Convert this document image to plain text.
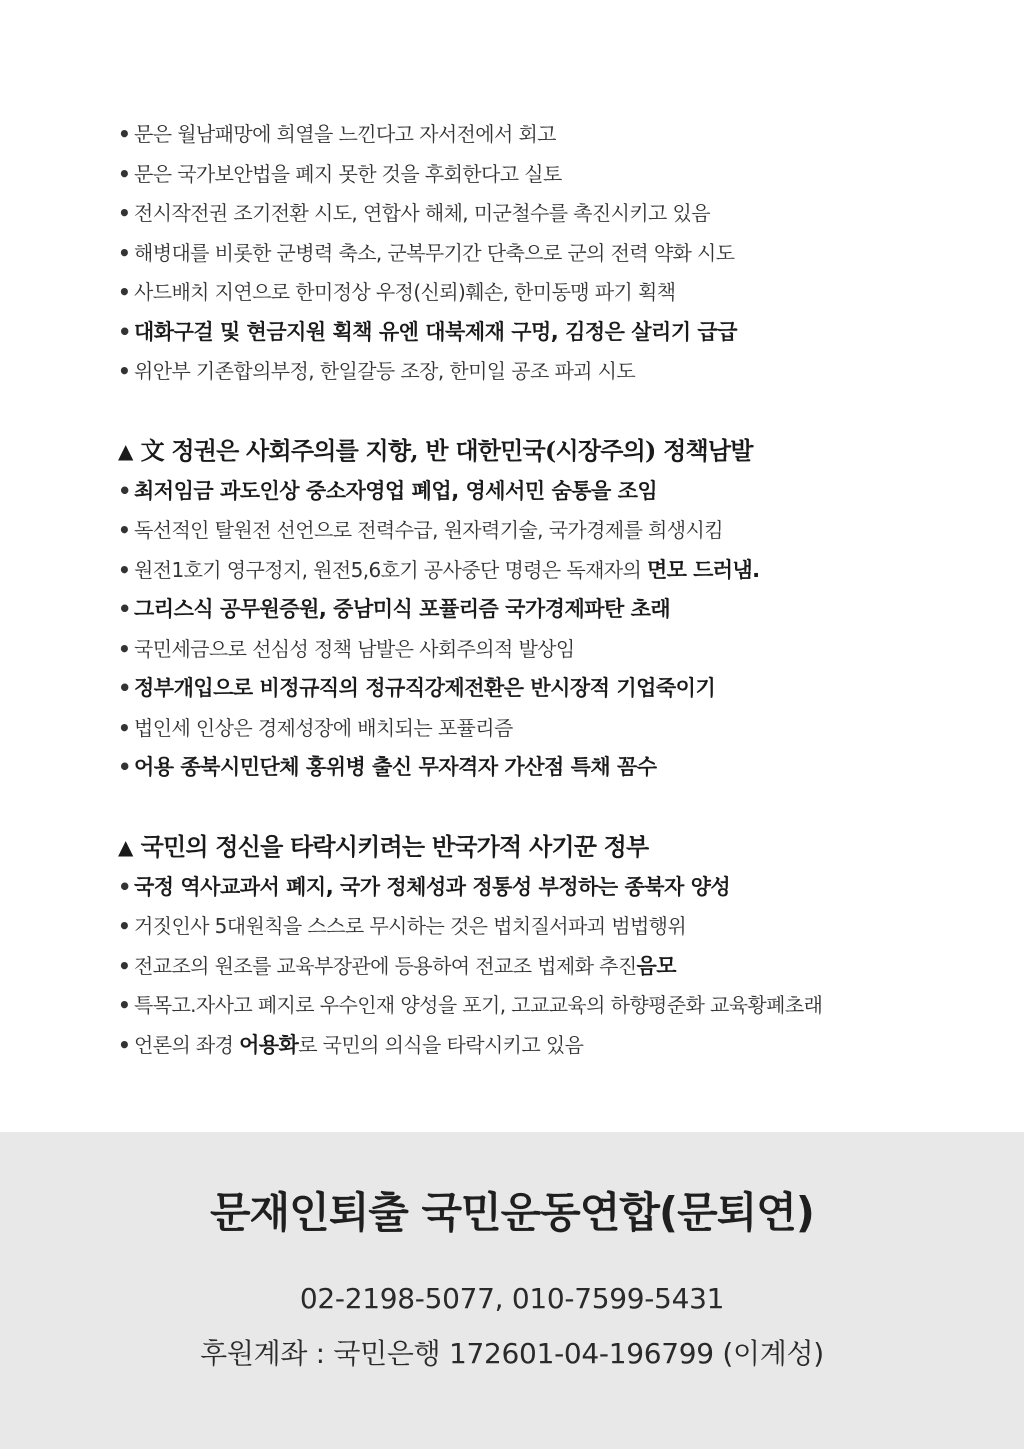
• 문은 월남패망에 희열을 느낀다고 자서전에서 회고
• 문은 국가보안법을 폐지 못한 것을 후회한다고 실토
• 전시작전권 조기전환 시도, 연합사 해체, 미군철수를 촉진시키고 있음
• 해병대를 비롯한 군병력 축소, 군복무기간 단축으로 군의 전력 약화 시도
• 사드배치 지연으로 한미정상 우정(신뢰)훼손, 한미동맹 파기 획책
• 대화구걸 및 현금지원 획책 유엔 대북제재 구멍, 김정은 살리기 급급
• 위안부 기존합의부정, 한일갈등 조장, 한미일 공조 파괴 시도
▲ 文 정권은 사회주의를 지향, 반 대한민국(시장주의) 정책남발
• 최저임금 과도인상 중소자영업 폐업, 영세서민 숨통을 조임
• 독선적인 탈원전 선언으로 전력수급, 원자력기술, 국가경제를 희생시킴
• 원전1호기 영구정지, 원전5,6호기 공사중단 명령은 독재자의 면모 드러냄.
• 그리스식 공무원증원, 중남미식 포퓰리즘 국가경제파탄 초래
• 국민세금으로 선심성 정책 남발은 사회주의적 발상임
• 정부개입으로 비정규직의 정규직강제전환은 반시장적 기업죽이기
• 법인세 인상은 경제성장에 배치되는 포퓰리즘
• 어용 종북시민단체 홍위병 출신 무자격자 가산점 특채 꼼수
▲ 국민의 정신을 타락시키려는 반국가적 사기꾼 정부
• 국정 역사교과서 폐지, 국가 정체성과 정통성 부정하는 종북자 양성
• 거짓인사 5대원칙을 스스로 무시하는 것은 법치질서파괴 범법행위
• 전교조의 원조를 교육부장관에 등용하여 전교조 법제화 추진음모
• 특목고.자사고 폐지로 우수인재 양성을 포기, 고교교육의 하향평준화 교육황폐초래
• 언론의 좌경 어용화로 국민의 의식을 타락시키고 있음
문재인퇴출 국민운동연합(문퇴연)
02-2198-5077, 010-7599-5431
후원계좌 : 국민은행 172601-04-196799 (이계성)
